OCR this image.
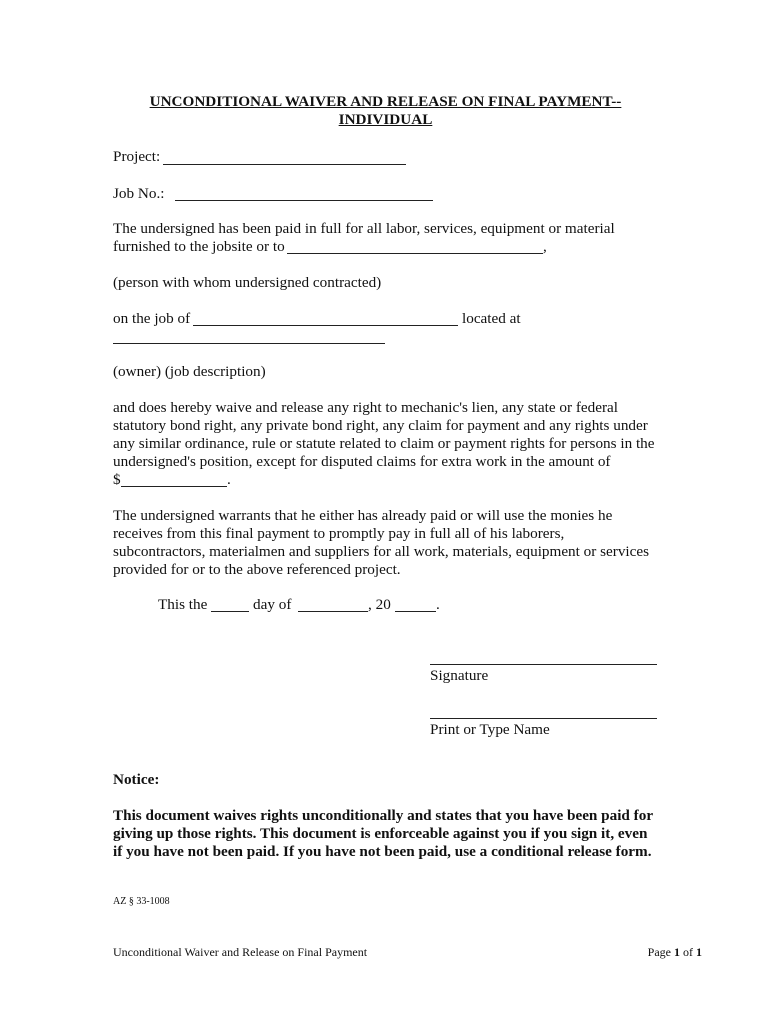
UNCONDITIONAL WAIVER AND RELEASE ON FINAL PAYMENT--
INDIVIDUAL
Project:
Job No.:
The undersigned has been paid in full for all labor, services, equipment or material
furnished to the jobsite or to	,
(person with whom undersigned contracted)
on the job of	located at
(owner) (job description)
and does hereby waive and release any right to mechanic's lien, any state or federal
statutory bond right, any private bond right, any claim for payment and any rights under
any similar ordinance, rule or statute related to claim or payment rights for persons in the
undersigned's position, except for disputed claims for extra work in the amount of
$	.
The undersigned warrants that he either has already paid or will use the monies he
receives from this final payment to promptly pay in full all of his laborers,
subcontractors, materialmen and suppliers for all work, materials, equipment or services
provided for or to the above referenced project.
This the	day of	, 20	.
Signature
Print or Type Name
Notice:
This document waives rights unconditionally and states that you have been paid for
giving up those rights. This document is enforceable against you if you sign it, even
if you have not been paid. If you have not been paid, use a conditional release form.
AZ § 33-1008
Unconditional Waiver and Release on Final Payment	Page 1 of 1
